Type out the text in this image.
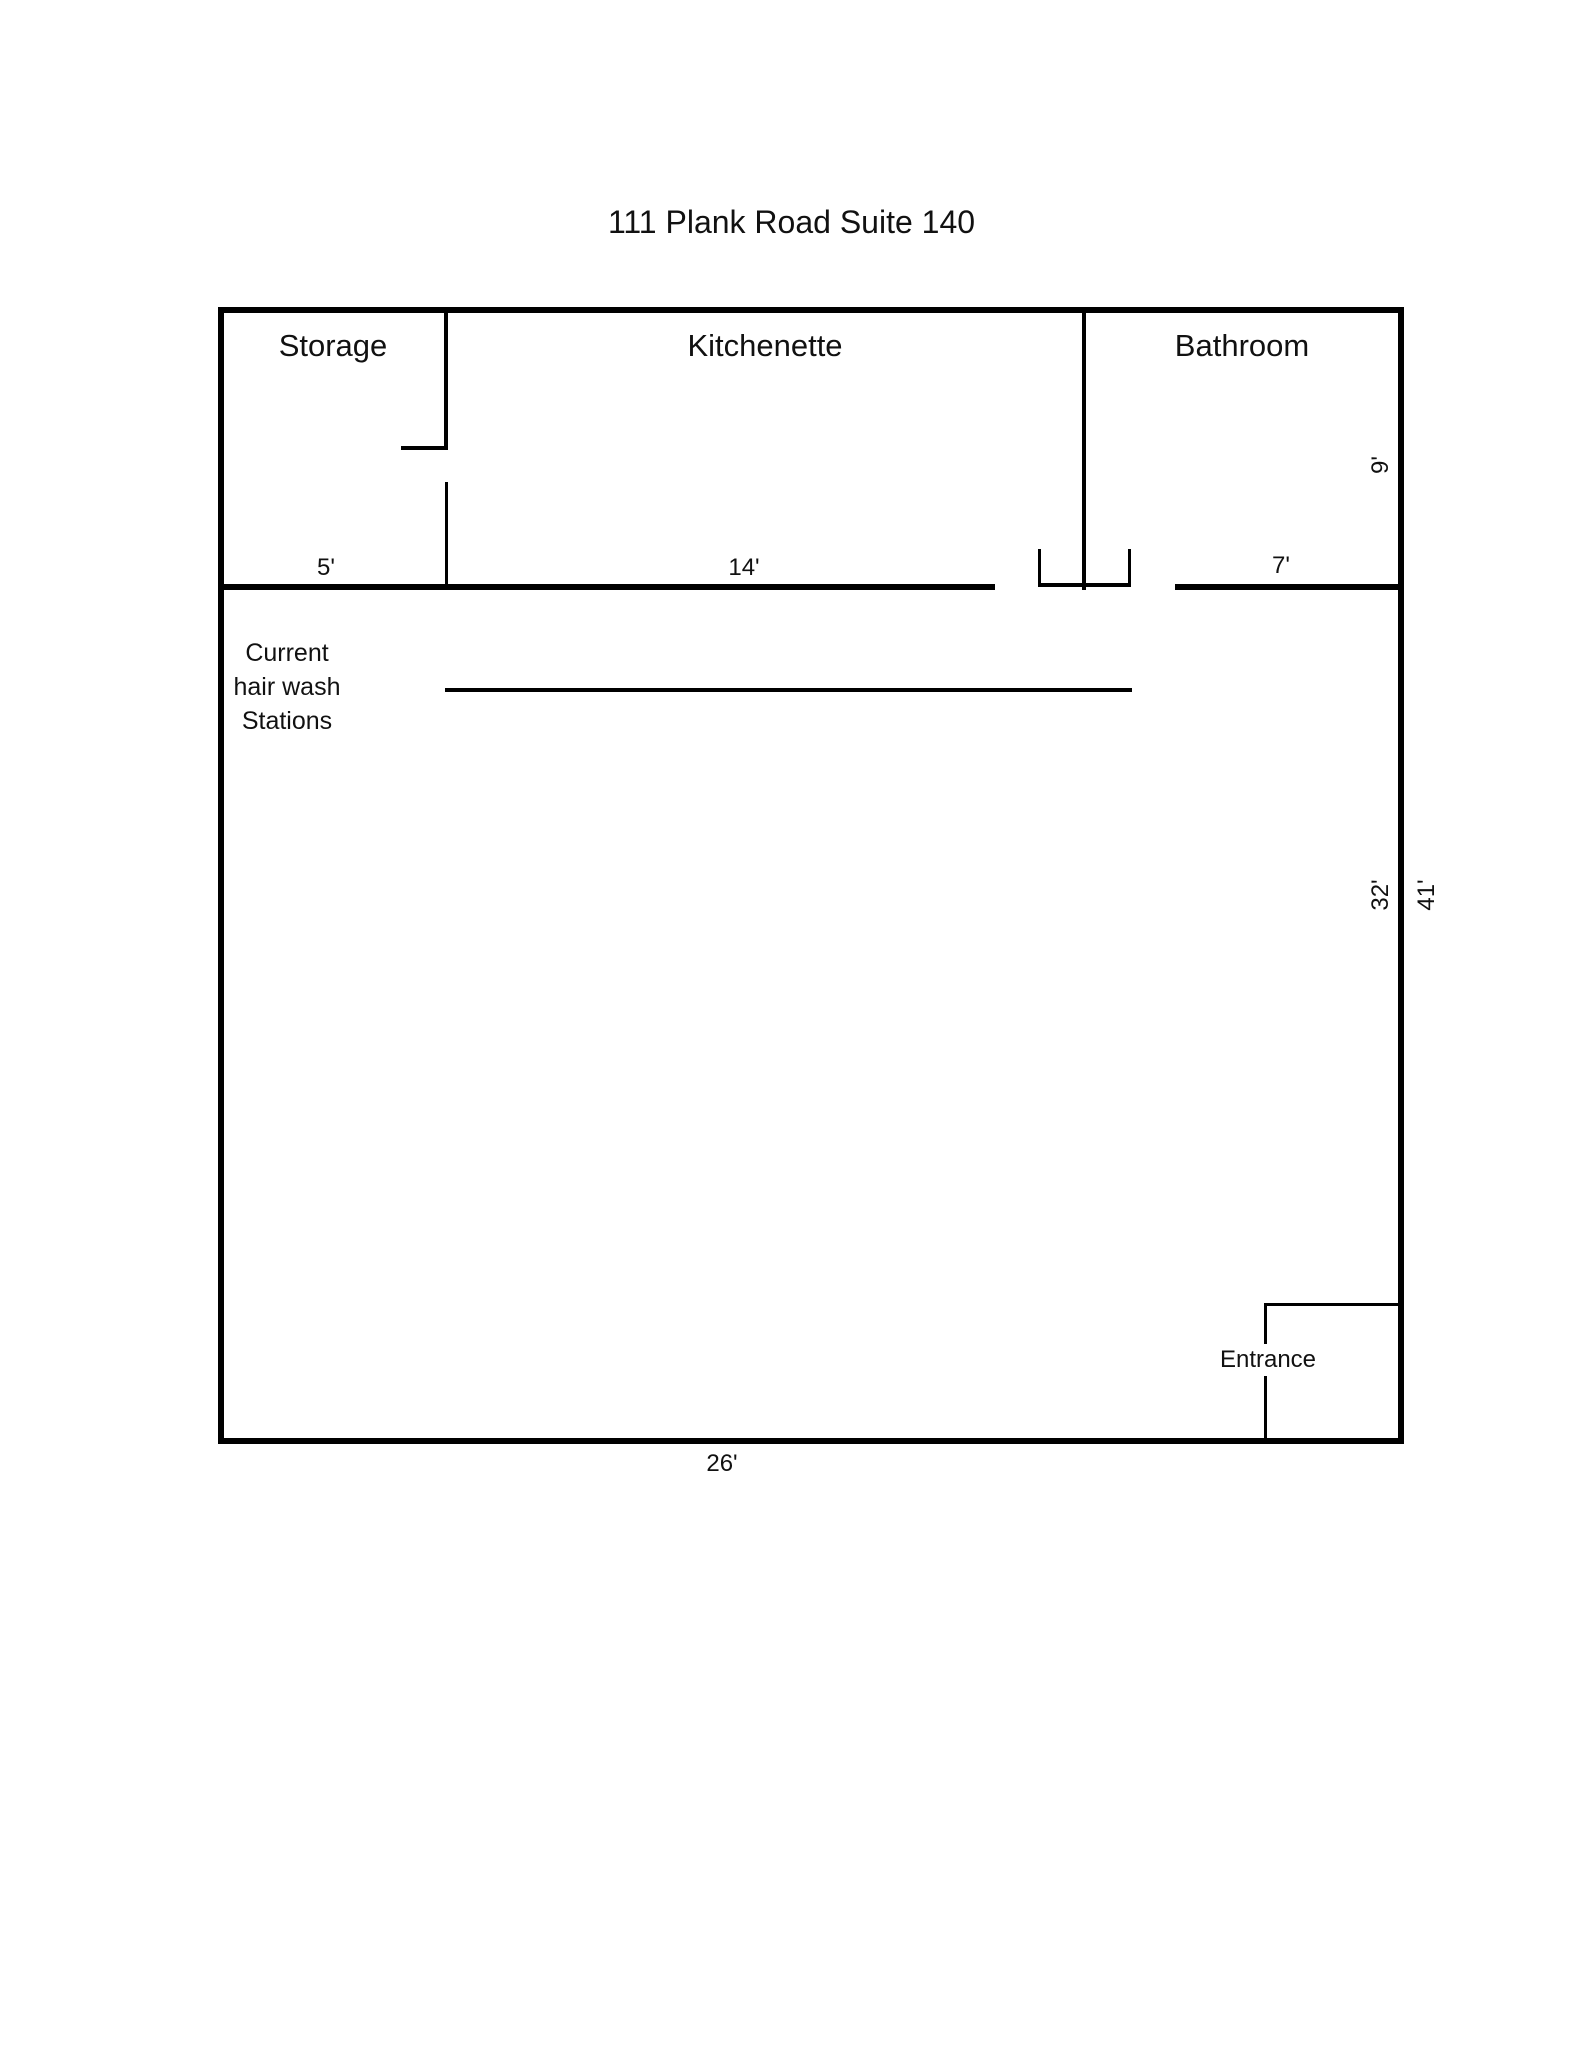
111 Plank Road Suite 140
Storage	Kitchenette	Bathroom
5'	14'	7'
26'
9'
32' 41'
Current
hair wash
Stations
Entrance
